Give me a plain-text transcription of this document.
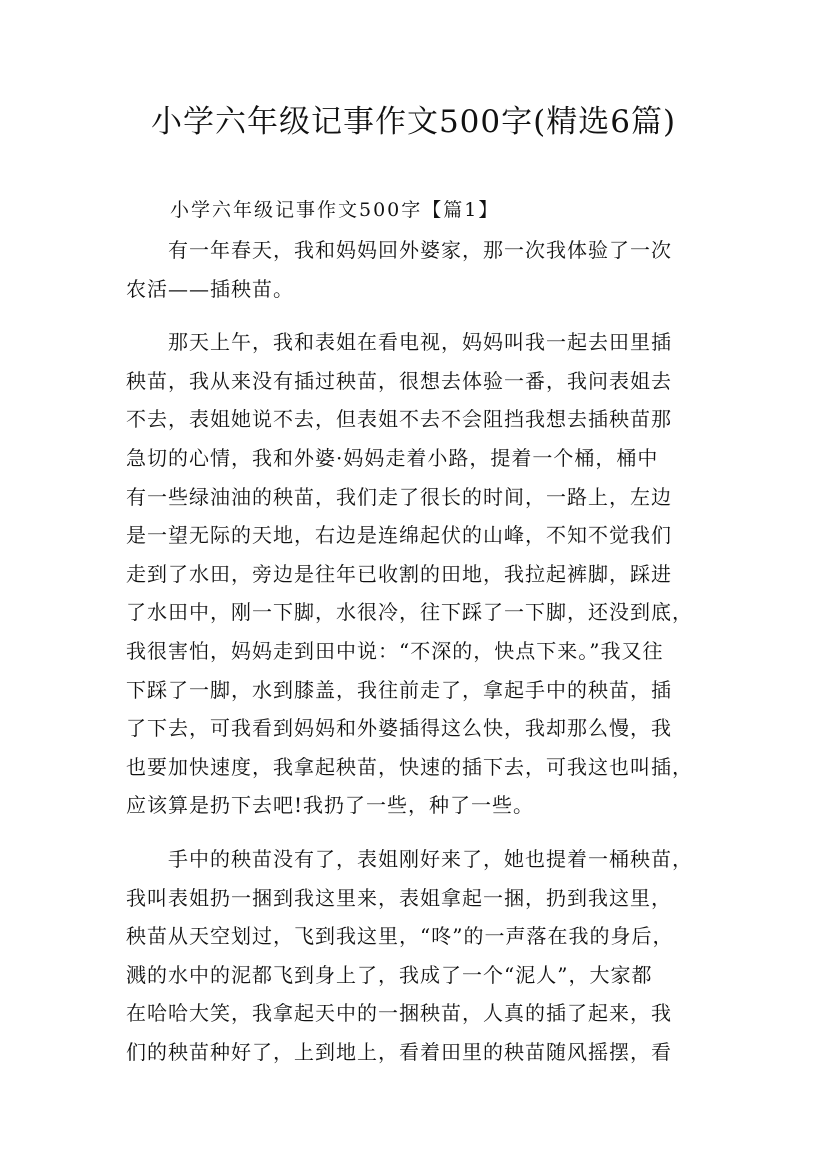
小学六年级记事作文500字(精选6篇)
小学六年级记事作文500字【篇1】
有一年春天，我和妈妈回外婆家，那一次我体验了一次
农活——插秧苗。
那天上午，我和表姐在看电视，妈妈叫我一起去田里插
秧苗，我从来没有插过秧苗，很想去体验一番，我问表姐去
不去，表姐她说不去，但表姐不去不会阻挡我想去插秧苗那
急切的心情，我和外婆·妈妈走着小路，提着一个桶，桶中
有一些绿油油的秧苗，我们走了很长的时间，一路上，左边
是一望无际的天地，右边是连绵起伏的山峰，不知不觉我们
走到了水田，旁边是往年已收割的田地，我拉起裤脚，踩进
了水田中，刚一下脚，水很冷，往下踩了一下脚，还没到底，
我很害怕，妈妈走到田中说：“不深的，快点下来。”我又往
下踩了一脚，水到膝盖，我往前走了，拿起手中的秧苗，插
了下去，可我看到妈妈和外婆插得这么快，我却那么慢，我
也要加快速度，我拿起秧苗，快速的插下去，可我这也叫插，
应该算是扔下去吧!我扔了一些，种了一些。
手中的秧苗没有了，表姐刚好来了，她也提着一桶秧苗，
我叫表姐扔一捆到我这里来，表姐拿起一捆，扔到我这里，
秧苗从天空划过，飞到我这里，“咚”的一声落在我的身后，
溅的水中的泥都飞到身上了，我成了一个“泥人”，大家都
在哈哈大笑，我拿起天中的一捆秧苗，人真的插了起来，我
们的秧苗种好了，上到地上，看着田里的秧苗随风摇摆，看
